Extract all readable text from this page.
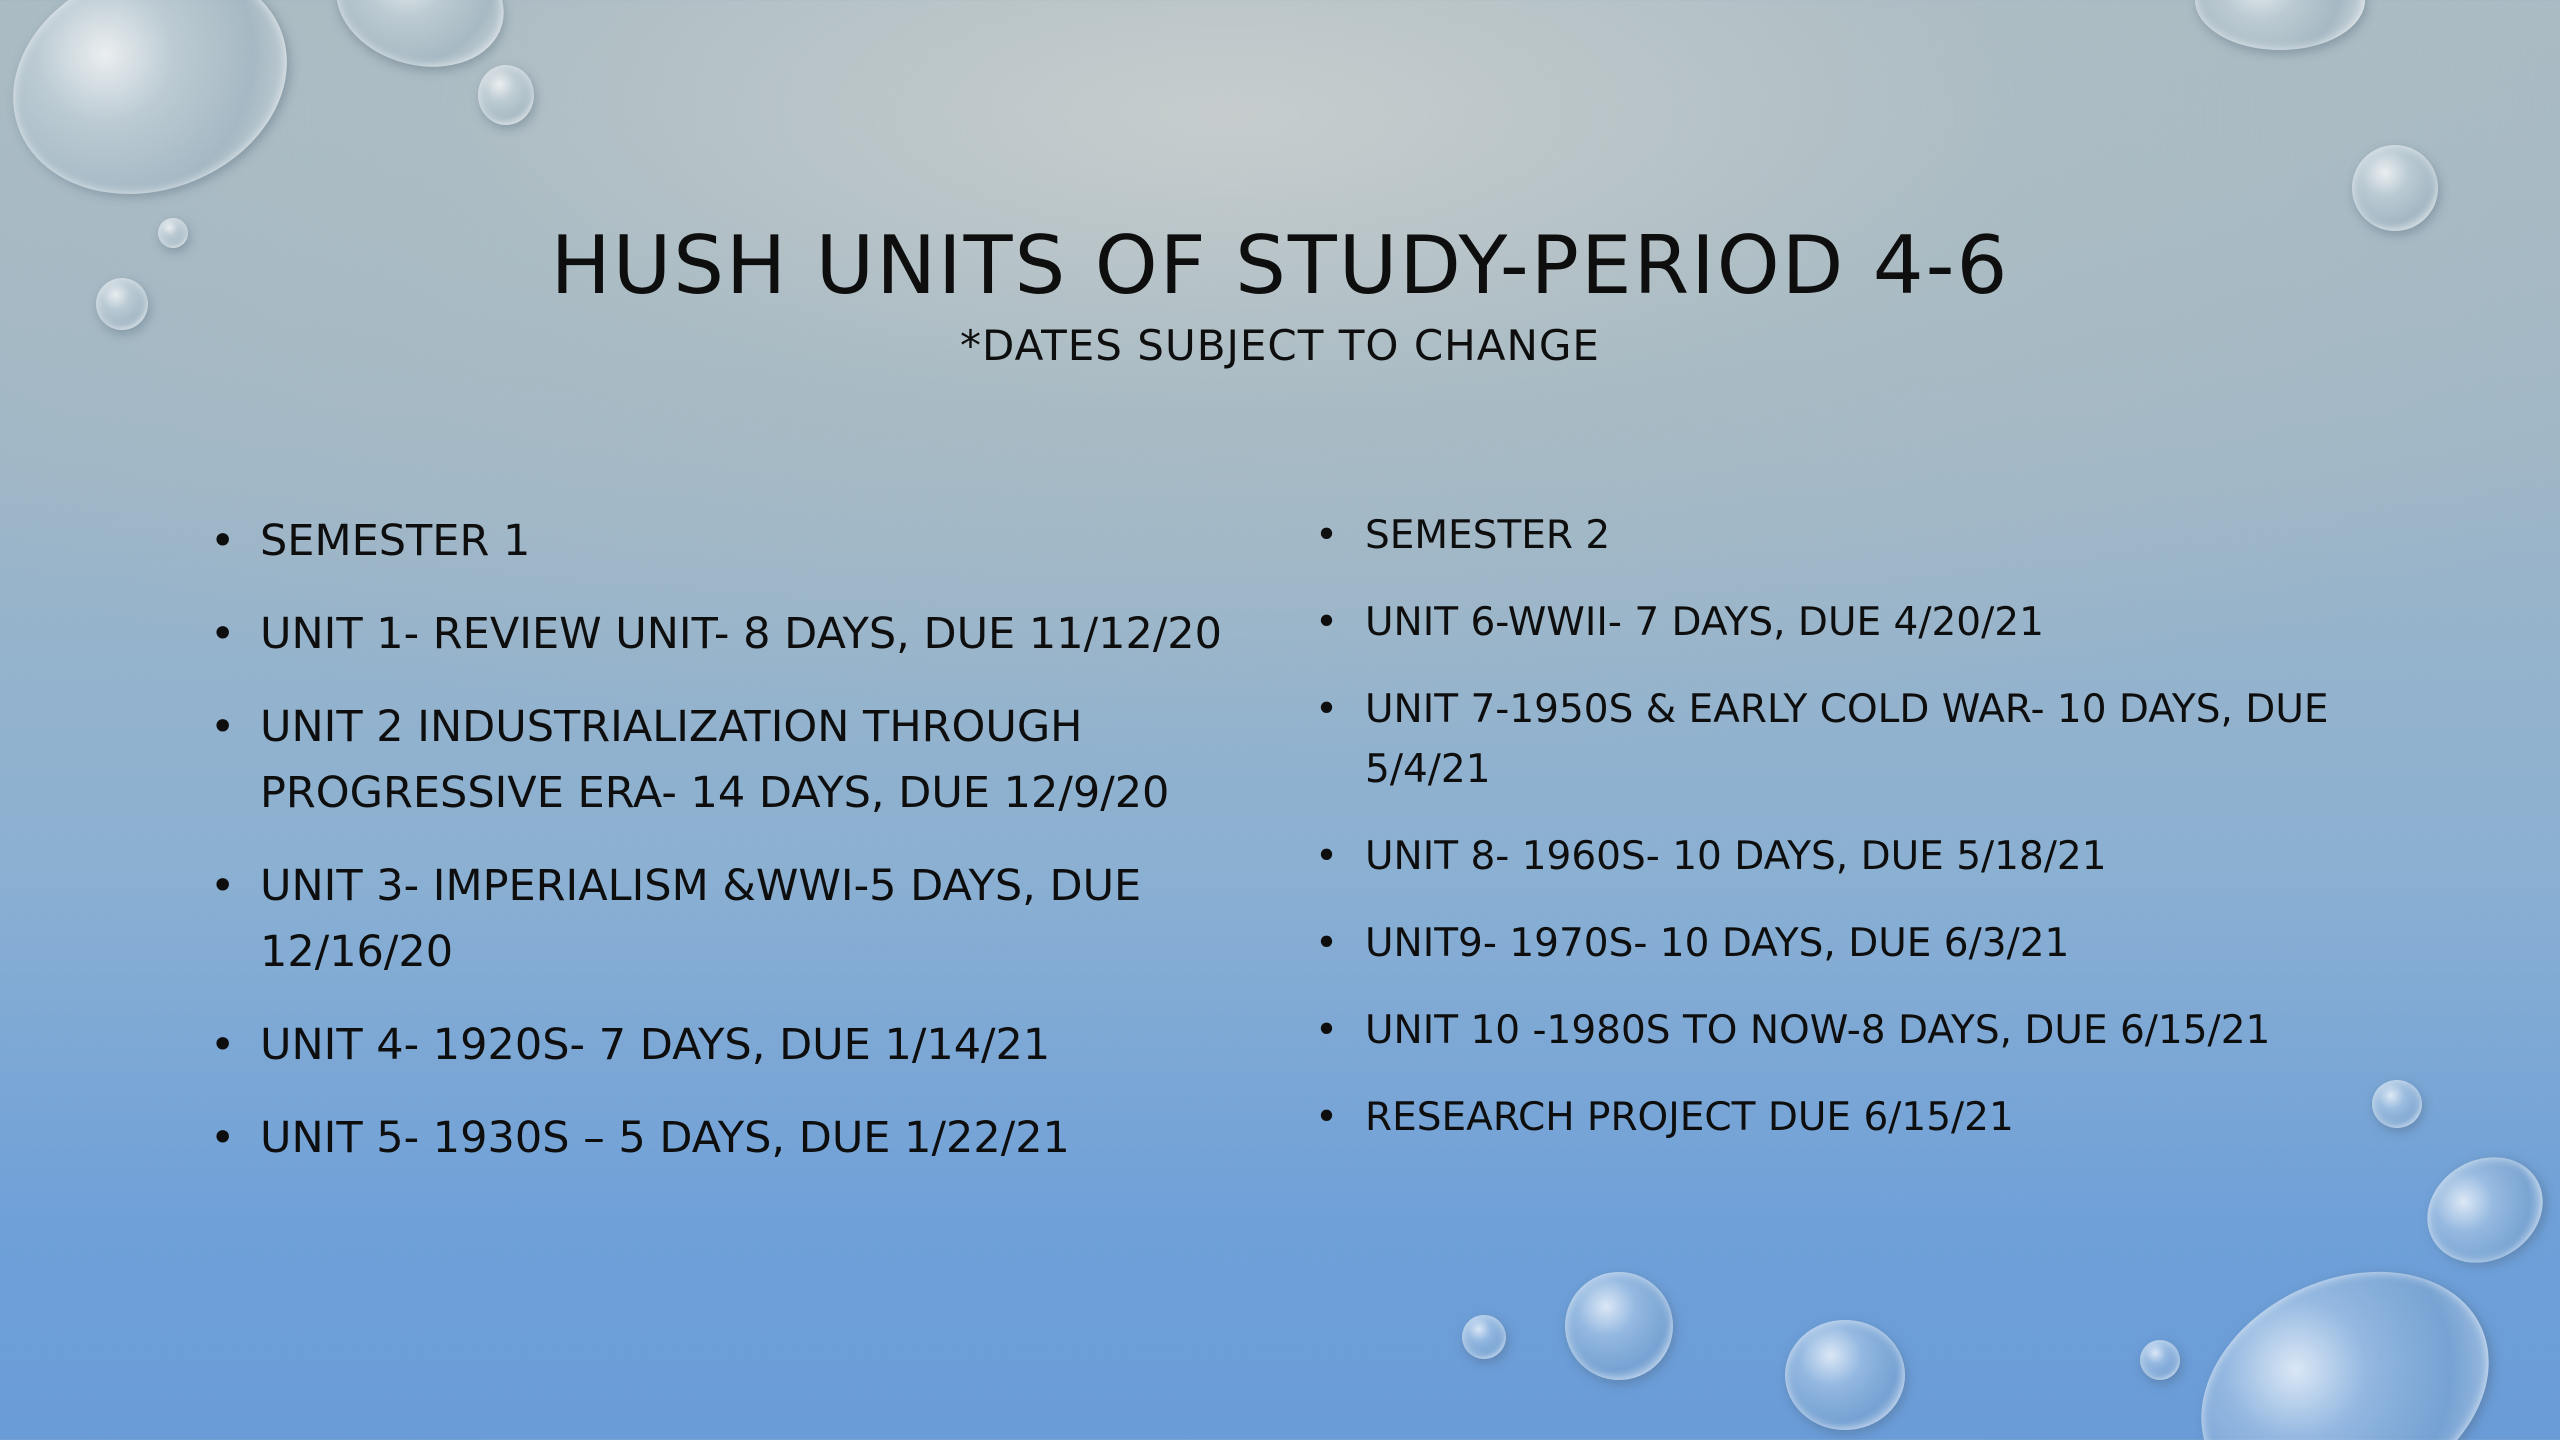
HUSH UNITS OF STUDY-PERIOD 4-6
*DATES SUBJECT TO CHANGE
• SEMESTER 1
• UNIT 1- REVIEW UNIT- 8 DAYS, DUE 11/12/20
• UNIT 2 INDUSTRIALIZATION THROUGH PROGRESSIVE ERA- 14 DAYS, DUE 12/9/20
• UNIT 3- IMPERIALISM &WWI-5 DAYS, DUE 12/16/20
• UNIT 4- 1920S- 7 DAYS, DUE 1/14/21
• UNIT 5- 1930S – 5 DAYS, DUE 1/22/21
• SEMESTER 2
• UNIT 6-WWII- 7 DAYS, DUE 4/20/21
• UNIT 7-1950S & EARLY COLD WAR- 10 DAYS, DUE 5/4/21
• UNIT 8- 1960S- 10 DAYS, DUE 5/18/21
• UNIT9- 1970S- 10 DAYS, DUE 6/3/21
• UNIT 10 -1980S TO NOW-8 DAYS, DUE 6/15/21
• RESEARCH PROJECT DUE 6/15/21
